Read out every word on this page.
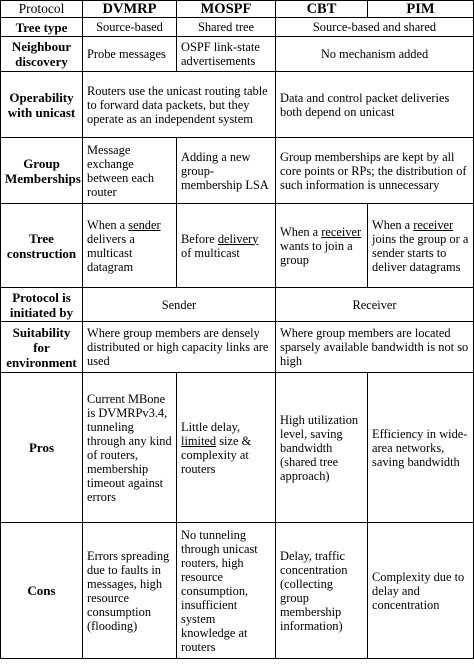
Protocol	DVMRP	MOSPF	CBT	PIM
Tree type	Source-based	Shared tree	Source-based and shared	
Neighbour discovery	Probe messages	OSPF link-state advertisements	No mechanism added	
Operability with unicast	Routers use the unicast routing table to forward data packets, but they operate as an independent system		Data and control packet deliveries both depend on unicast	
Group Memberships	Message exchange between each router	Adding a new group-membership LSA	Group memberships are kept by all core points or RPs; the distribution of such information is unnecessary	
Tree construction	When a sender delivers a multicast datagram	Before delivery of multicast	When a receiver wants to join a group	When a receiver joins the group or a sender starts to deliver datagrams
Protocol is initiated by	Sender		Receiver	
Suitability for environment	Where group members are densely distributed or high capacity links are used		Where group members are located sparsely available bandwidth is not so high	
Pros	Current MBone is DVMRPv3.4, tunneling through any kind of routers, membership timeout against errors	Little delay, limited size & complexity at routers	High utilization level, saving bandwidth (shared tree approach)	Efficiency in wide-area networks, saving bandwidth
Cons	Errors spreading due to faults in messages, high resource consumption (flooding)	No tunneling through unicast routers, high resource consumption, insufficient system knowledge at routers	Delay, traffic concentration (collecting group membership information)	Complexity due to delay and concentration
